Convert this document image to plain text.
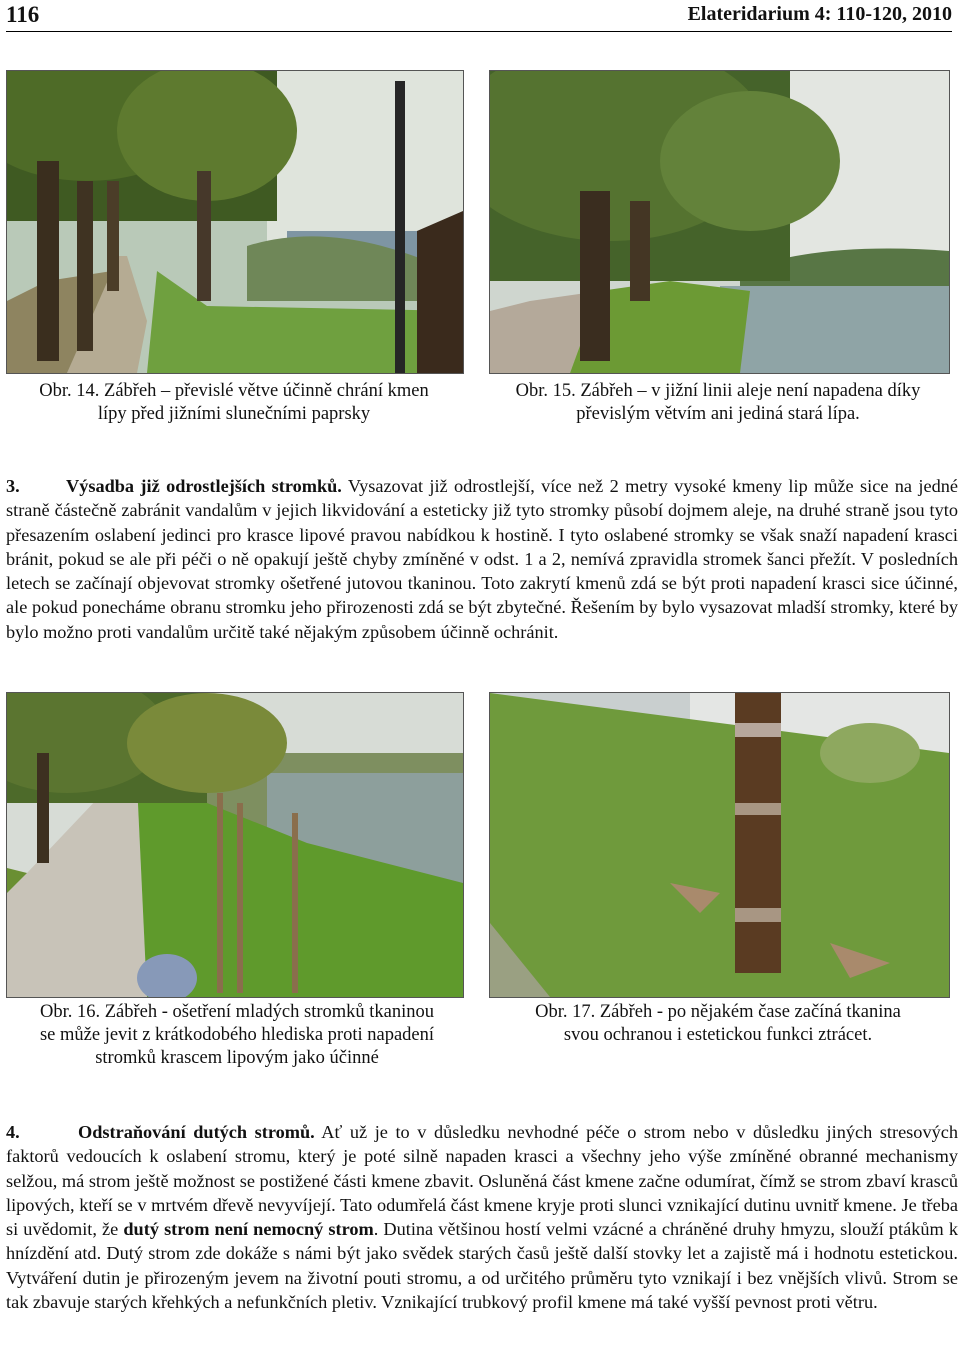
116	Elateridarium 4: 110-120, 2010
Obr. 14. Zábřeh – převislé větve účinně chrání kmen
lípy před jižními slunečními paprsky
Obr. 15. Zábřeh – v jižní linii aleje není napadena díky
převislým větvím ani jediná stará lípa.
3.	Výsadba již odrostlejších stromků. Vysazovat již odrostlejší, více než 2 metry vysoké kmeny lip může sice na jedné straně částečně zabránit vandalům v jejich likvidování a esteticky již tyto stromky působí dojmem aleje, na druhé straně jsou tyto přesazením oslabení jedinci pro krasce lipové pravou nabídkou k hostině. I tyto oslabené stromky se však snaží napadení krasci bránit, pokud se ale při péči o ně opakují ještě chyby zmíněné v odst. 1 a 2, nemívá zpravidla stromek šanci přežít. V posledních letech se začínají objevovat stromky ošetřené jutovou tkaninou. Toto zakrytí kmenů zdá se být proti napadení krasci sice účinné, ale pokud ponecháme obranu stromku jeho přirozenosti zdá se být zbytečné. Řešením by bylo vysazovat mladší stromky, které by bylo možno proti vandalům určitě také nějakým způsobem účinně ochránit.
Obr. 16. Zábřeh - ošetření mladých stromků tkaninou
se může jevit z krátkodobého hlediska proti napadení
stromků krascem lipovým jako účinné
Obr. 17. Zábřeh - po nějakém čase začíná tkanina
svou ochranou i estetickou funkci ztrácet.
4.	Odstraňování dutých stromů. Ať už je to v důsledku nevhodné péče o strom nebo v důsledku jiných stresových faktorů vedoucích k oslabení stromu, který je poté silně napaden krasci a všechny jeho výše zmíněné obranné mechanismy selžou, má strom ještě možnost se postižené části kmene zbavit. Osluněná část kmene začne odumírat, čímž se strom zbaví krasců lipových, kteří se v mrtvém dřevě nevyvíjejí. Tato odumřelá část kmene kryje proti slunci vznikající dutinu uvnitř kmene. Je třeba si uvědomit, že dutý strom není nemocný strom. Dutina většinou hostí velmi vzácné a chráněné druhy hmyzu, slouží ptákům k hnízdění atd. Dutý strom zde dokáže s námi být jako svědek starých časů ještě další stovky let a zajistě má i hodnotu estetickou. Vytváření dutin je přirozeným jevem na životní pouti stromu, a od určitého průměru tyto vznikají i bez vnějších vlivů. Strom se tak zbavuje starých křehkých a nefunkčních pletiv. Vznikající trubkový profil kmene má také vyšší pevnost proti větru.
